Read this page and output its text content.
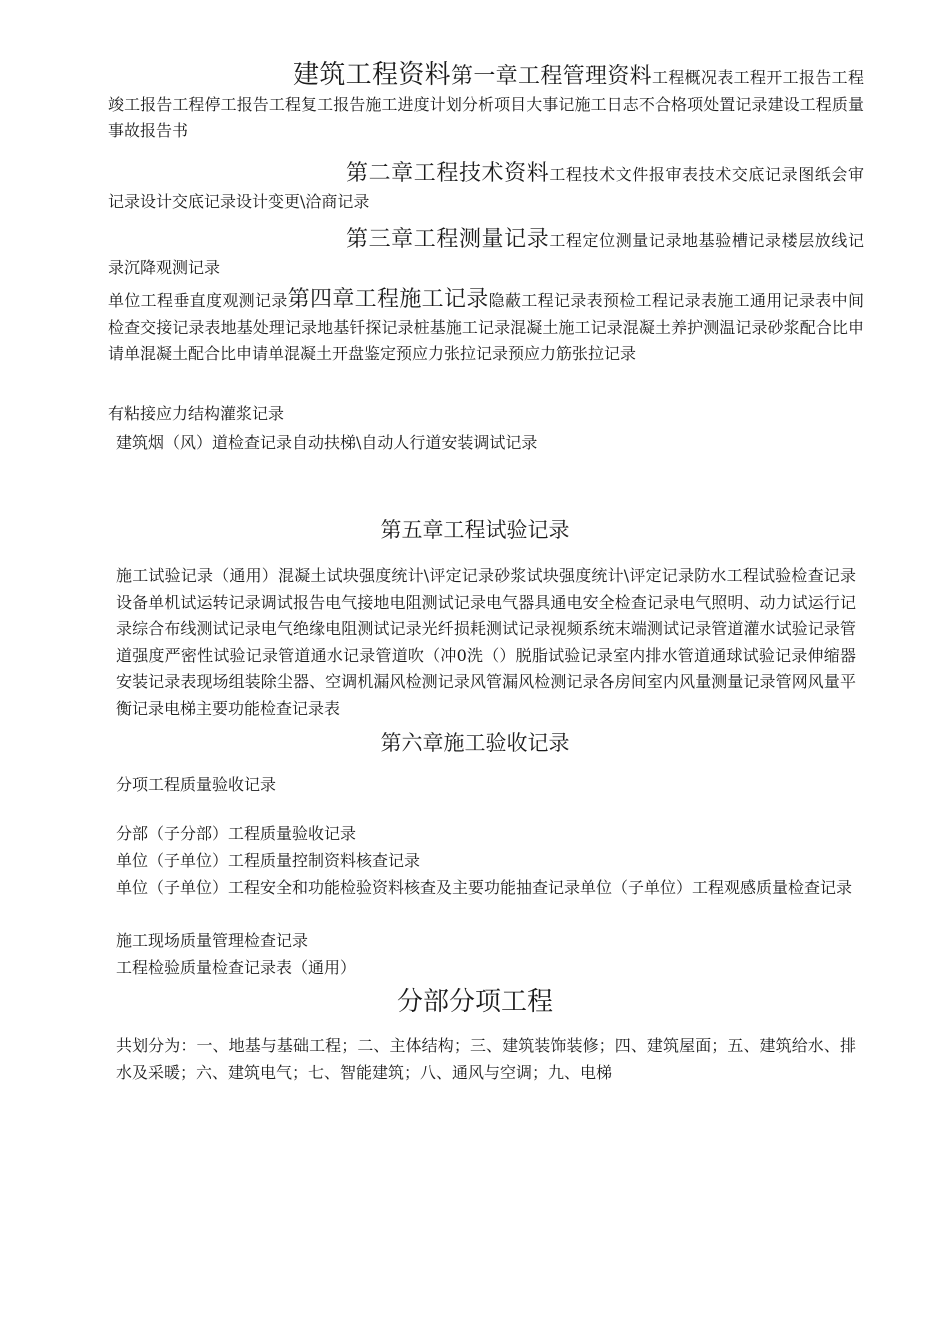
建筑工程资料第一章工程管理资料工程概况表工程开工报告工程竣工报告工程停工报告工程复工报告施工进度计划分析项目大事记施工日志不合格项处置记录建设工程质量事故报告书

第二章工程技术资料工程技术文件报审表技术交底记录图纸会审记录设计交底记录设计变更\洽商记录

第三章工程测量记录工程定位测量记录地基验槽记录楼层放线记录沉降观测记录

单位工程垂直度观测记录第四章工程施工记录隐蔽工程记录表预检工程记录表施工通用记录表中间检查交接记录表地基处理记录地基钎探记录桩基施工记录混凝土施工记录混凝土养护测温记录砂浆配合比申请单混凝土配合比申请单混凝土开盘鉴定预应力张拉记录预应力筋张拉记录

有粘接应力结构灌浆记录

建筑烟（风）道检查记录自动扶梯\自动人行道安装调试记录

第五章工程试验记录

施工试验记录（通用）混凝土试块强度统计\评定记录砂浆试块强度统计\评定记录防水工程试验检查记录设备单机试运转记录调试报告电气接地电阻测试记录电气器具通电安全检查记录电气照明、动力试运行记录综合布线测试记录电气绝缘电阻测试记录光纤损耗测试记录视频系统末端测试记录管道灌水试验记录管道强度严密性试验记录管道通水记录管道吹（冲0洗（）脱脂试验记录室内排水管道通球试验记录伸缩器安装记录表现场组装除尘器、空调机漏风检测记录风管漏风检测记录各房间室内风量测量记录管网风量平衡记录电梯主要功能检查记录表

第六章施工验收记录

分项工程质量验收记录

分部（子分部）工程质量验收记录

单位（子单位）工程质量控制资料核查记录

单位（子单位）工程安全和功能检验资料核查及主要功能抽查记录单位（子单位）工程观感质量检查记录

施工现场质量管理检查记录

工程检验质量检查记录表（通用）

分部分项工程

共划分为：一、地基与基础工程；二、主体结构；三、建筑装饰装修；四、建筑屋面；五、建筑给水、排水及采暖；六、建筑电气；七、智能建筑；八、通风与空调；九、电梯
